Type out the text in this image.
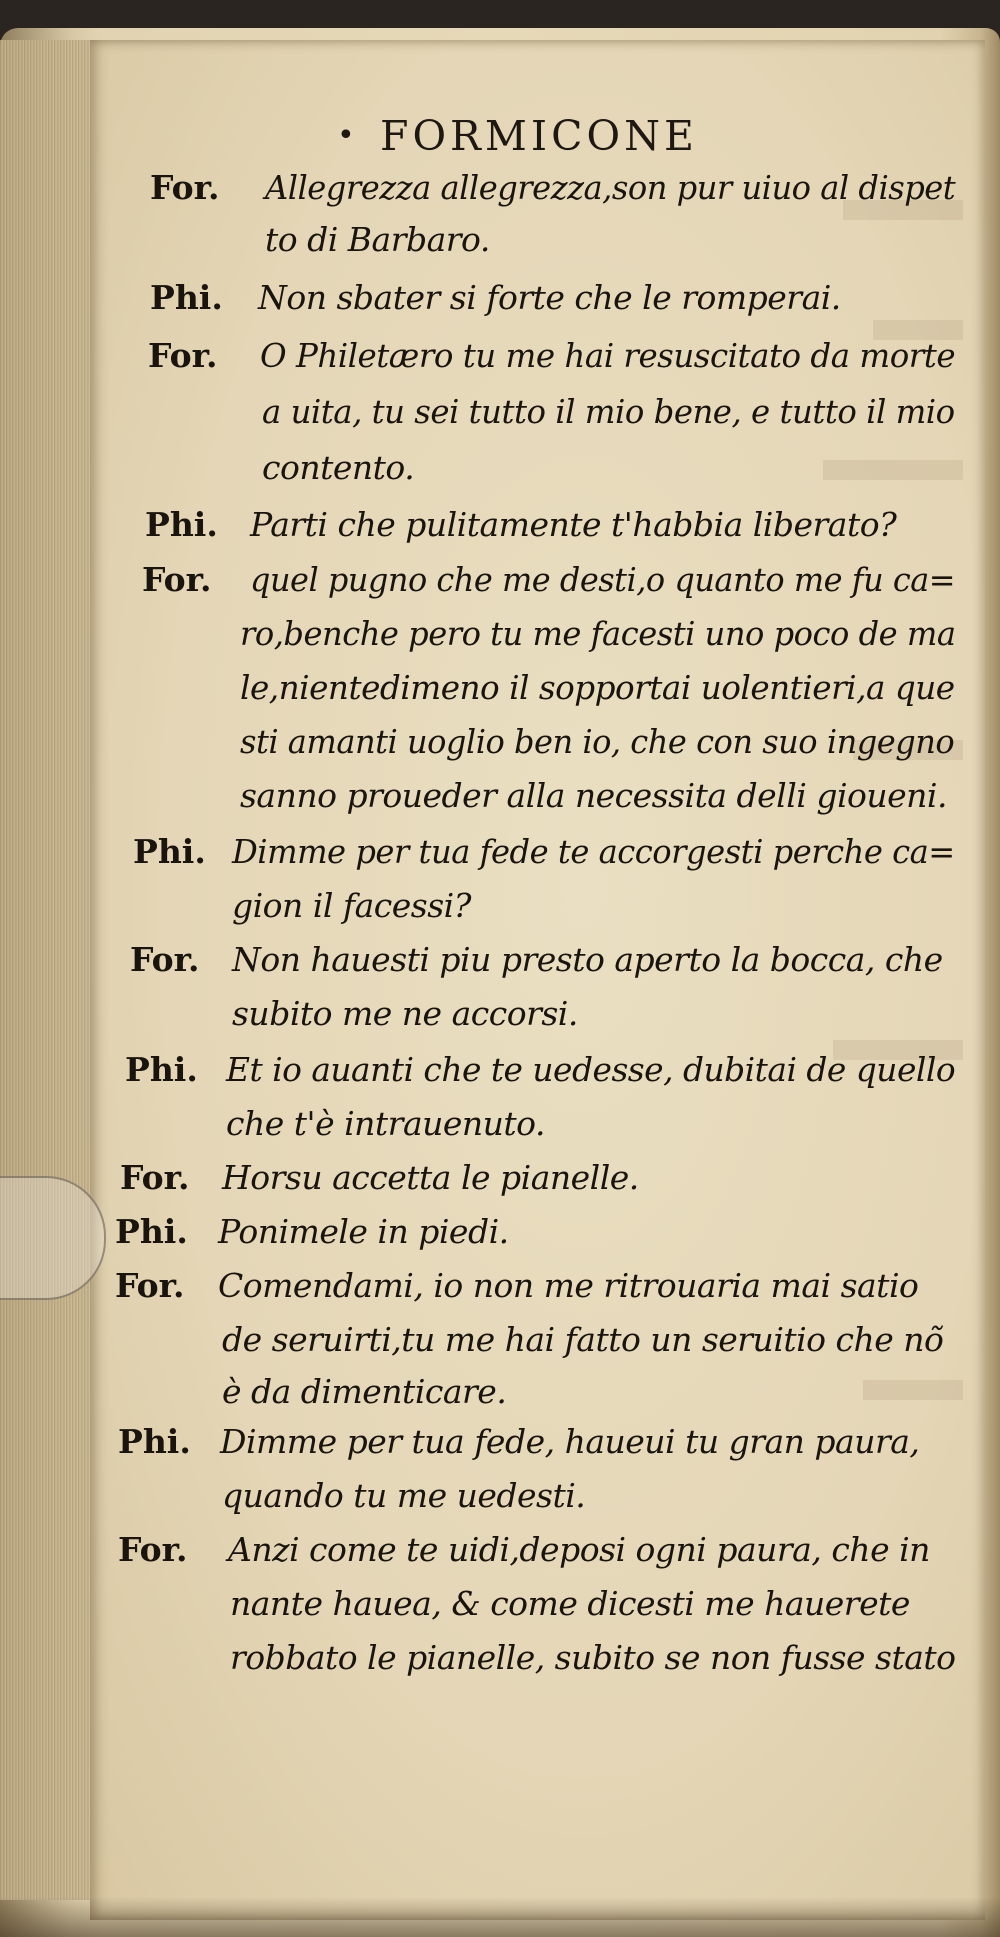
• FORMICONE
For.
Phi.
For.
Phi.
For.
Phi.
For.
Phi.
For.
Phi.
For.
Phi.
For.
Allegrezza allegrezza,son pur uiuo al dispet
to di Barbaro.
Non sbater si forte che le romperai.
O Philetæro tu me hai resuscitato da morte
a uita, tu sei tutto il mio bene, e tutto il mio
contento.
Parti che pulitamente t'habbia liberato?
quel pugno che me desti,o quanto me fu ca=
ro,benche pero tu me facesti uno poco de ma
le,nientedimeno il sopportai uolentieri,a que
sti amanti uoglio ben io, che con suo ingegno
sanno proueder alla necessita delli gioueni.
Dimme per tua fede te accorgesti perche ca=
gion il facessi?
Non hauesti piu presto aperto la bocca, che
subito me ne accorsi.
Et io auanti che te uedesse, dubitai de quello
che t'è intrauenuto.
Horsu accetta le pianelle.
Ponimele in piedi.
Comendami, io non me ritrouaria mai satio
de seruirti,tu me hai fatto un seruitio che nõ
è da dimenticare.
Dimme per tua fede, haueui tu gran paura,
quando tu me uedesti.
Anzi come te uidi,deposi ogni paura, che in
nante hauea, & come dicesti me hauerete
robbato le pianelle, subito se non fusse stato
